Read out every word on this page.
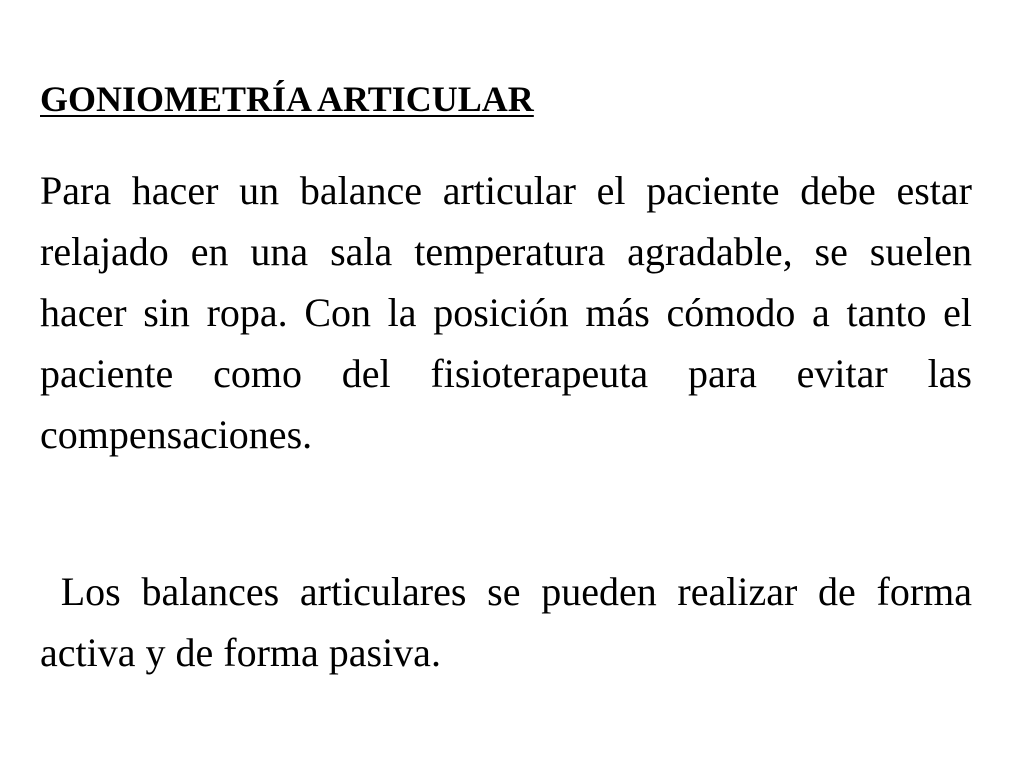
GONIOMETRÍA ARTICULAR

Para hacer un balance articular el paciente debe estar relajado en una sala temperatura agradable, se suelen hacer sin ropa. Con la posición más cómodo a tanto el paciente como del fisioterapeuta para evitar las compensaciones.

Los balances articulares se pueden realizar de forma activa y de forma pasiva.
